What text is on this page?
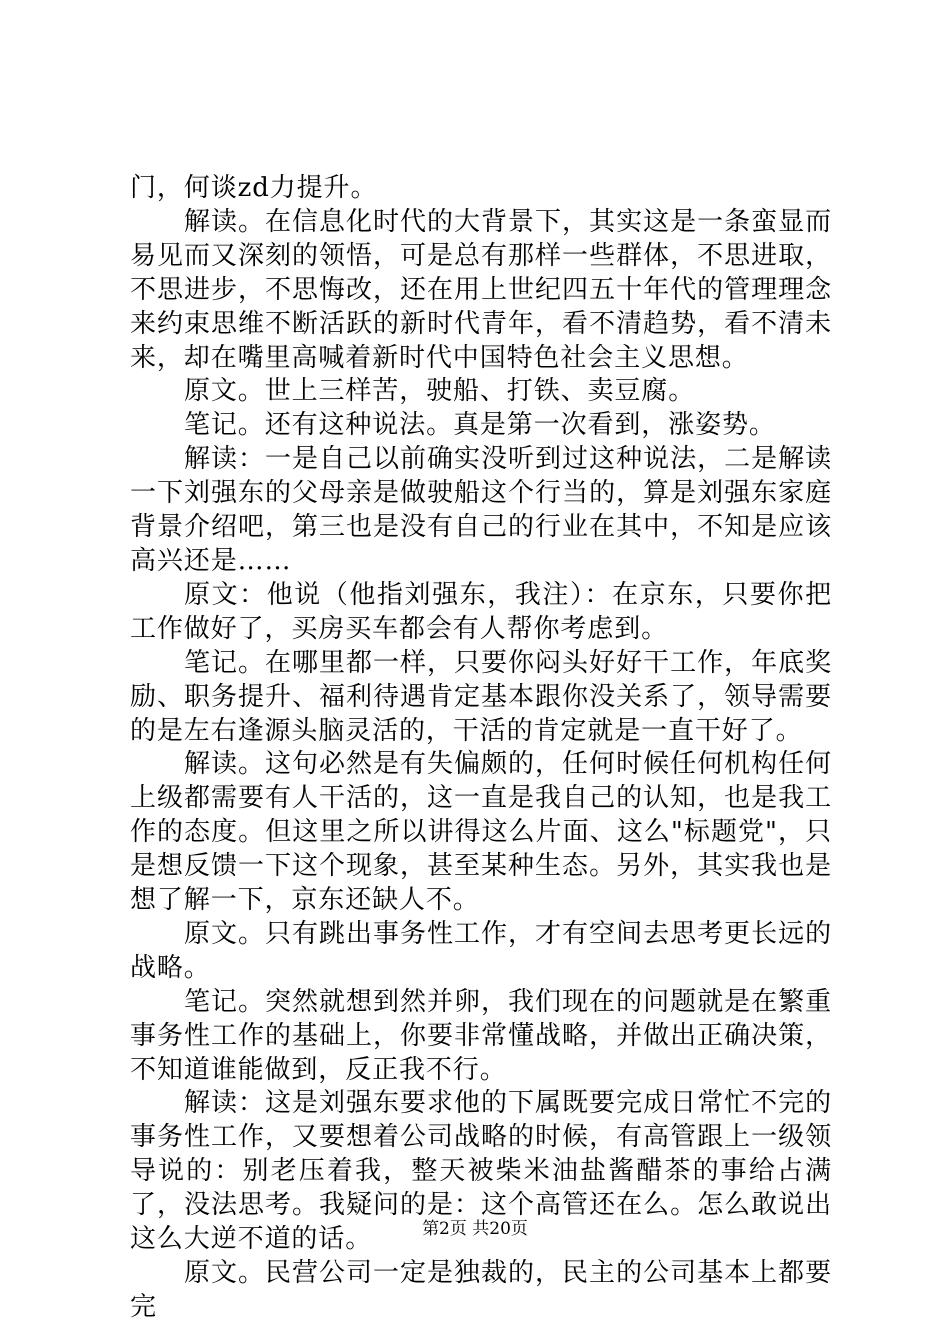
门，何谈zd力提升。

解读。在信息化时代的大背景下，其实这是一条蛮显而易见而又深刻的领悟，可是总有那样一些群体，不思进取，不思进步，不思悔改，还在用上世纪四五十年代的管理理念来约束思维不断活跃的新时代青年，看不清趋势，看不清未来，却在嘴里高喊着新时代中国特色社会主义思想。

原文。世上三样苦，驶船、打铁、卖豆腐。

笔记。还有这种说法。真是第一次看到，涨姿势。

解读：一是自己以前确实没听到过这种说法，二是解读一下刘强东的父母亲是做驶船这个行当的，算是刘强东家庭背景介绍吧，第三也是没有自己的行业在其中，不知是应该高兴还是……

原文：他说（他指刘强东，我注）：在京东，只要你把工作做好了，买房买车都会有人帮你考虑到。

笔记。在哪里都一样，只要你闷头好好干工作，年底奖励、职务提升、福利待遇肯定基本跟你没关系了，领导需要的是左右逢源头脑灵活的，干活的肯定就是一直干好了。

解读。这句必然是有失偏颇的，任何时候任何机构任何上级都需要有人干活的，这一直是我自己的认知，也是我工作的态度。但这里之所以讲得这么片面、这么"标题党"，只是想反馈一下这个现象，甚至某种生态。另外，其实我也是想了解一下，京东还缺人不。

原文。只有跳出事务性工作，才有空间去思考更长远的战略。

笔记。突然就想到然并卵，我们现在的问题就是在繁重事务性工作的基础上，你要非常懂战略，并做出正确决策，不知道谁能做到，反正我不行。

解读：这是刘强东要求他的下属既要完成日常忙不完的事务性工作，又要想着公司战略的时候，有高管跟上一级领导说的：别老压着我，整天被柴米油盐酱醋茶的事给占满了，没法思考。我疑问的是：这个高管还在么。怎么敢说出这么大逆不道的话。

原文。民营公司一定是独裁的，民主的公司基本上都要完

第2页 共20页
